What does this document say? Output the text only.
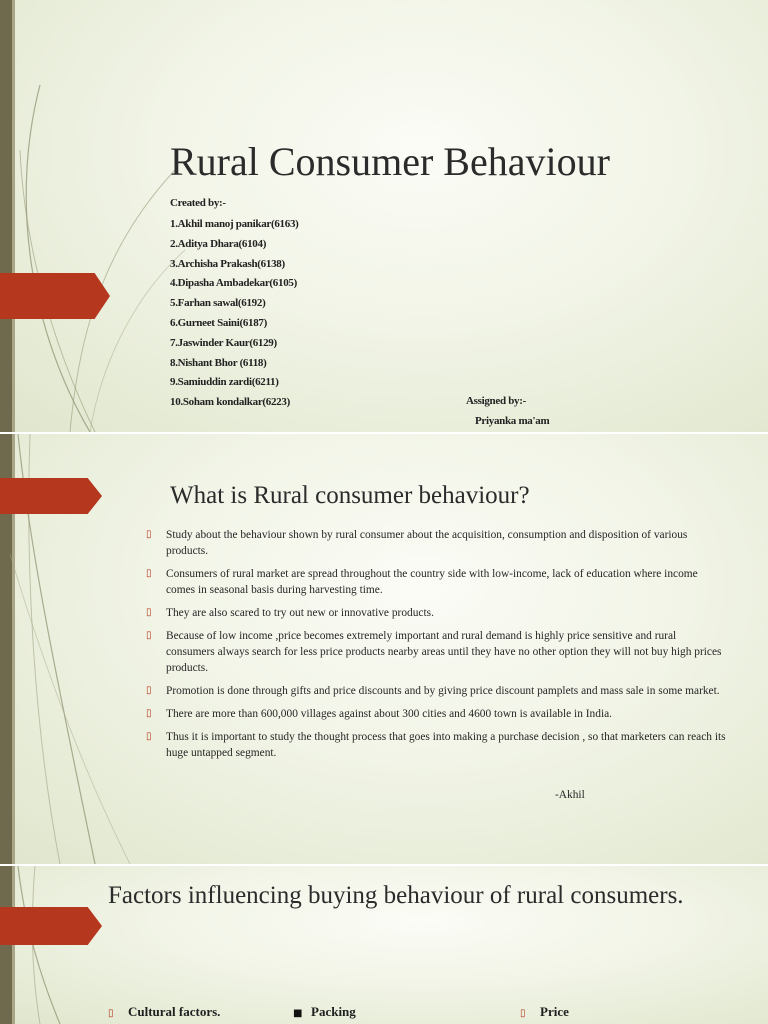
Rural Consumer Behaviour
Created by:-
1.Akhil manoj panikar(6163)
2.Aditya Dhara(6104)
3.Archisha Prakash(6138)
4.Dipasha Ambadekar(6105)
5.Farhan sawal(6192)
6.Gurneet Saini(6187)
7.Jaswinder Kaur(6129)
8.Nishant Bhor (6118)
9.Samiuddin zardi(6211)
10.Soham kondalkar(6223)	Assigned by:-
Priyanka ma'am
What is Rural consumer behaviour?
▯ Study about the behaviour shown by rural consumer about the acquisition, consumption and disposition of various products.
▯ Consumers of rural market are spread throughout the country side with low-income, lack of education where income comes in seasonal basis during harvesting time.
▯ They are also scared to try out new or innovative products.
▯ Because of low income ,price becomes extremely important and rural demand is highly price sensitive and rural consumers always search for less price products nearby areas until they have no other option they will not buy high prices products.
▯ Promotion is done through gifts and price discounts and by giving price discount pamplets and mass sale in some market.
▯ There are more than 600,000 villages against about 300 cities and 4600 town is available in India.
▯ Thus it is important to study the thought process that goes into making a purchase decision , so that marketers can reach its huge untapped segment.
-Akhil
Factors influencing buying behaviour of rural consumers.
▯ Cultural factors.	■ Packing	▯ Price
